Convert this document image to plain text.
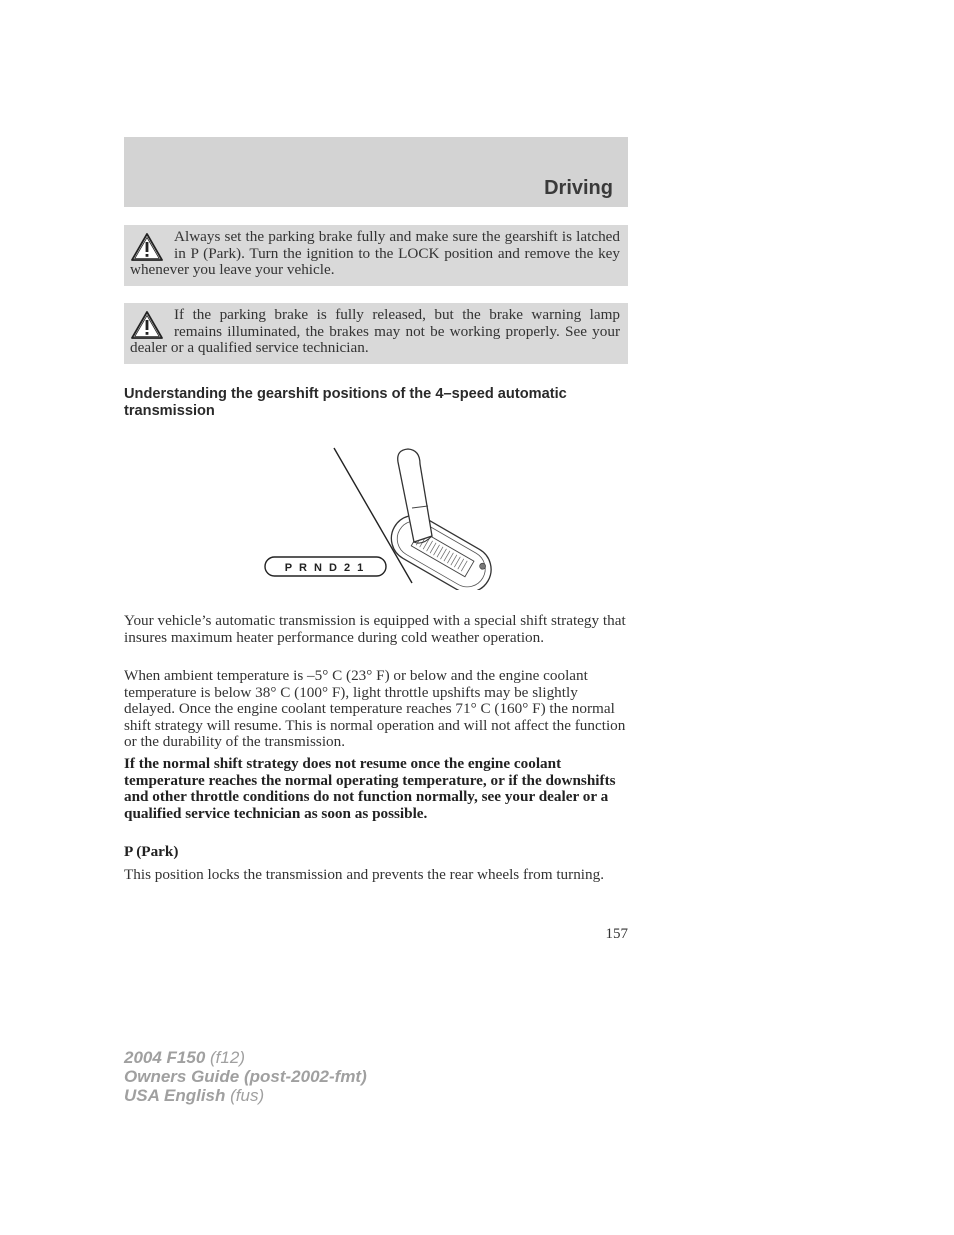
Driving
Always set the parking brake fully and make sure the gearshift is latched in P (Park). Turn the ignition to the LOCK position and remove the key whenever you leave your vehicle.
If the parking brake is fully released, but the brake warning lamp remains illuminated, the brakes may not be working properly. See your dealer or a qualified service technician.
Understanding the gearshift positions of the 4–speed automatic transmission
P R N D 2 1

Your vehicle’s automatic transmission is equipped with a special shift strategy that insures maximum heater performance during cold weather operation.

When ambient temperature is –5° C (23° F) or below and the engine coolant temperature is below 38° C (100° F), light throttle upshifts may be slightly delayed. Once the engine coolant temperature reaches 71° C (160° F) the normal shift strategy will resume. This is normal operation and will not affect the function or the durability of the transmission.

If the normal shift strategy does not resume once the engine coolant temperature reaches the normal operating temperature, or if the downshifts and other throttle conditions do not function normally, see your dealer or a qualified service technician as soon as possible.

P (Park)

This position locks the transmission and prevents the rear wheels from turning.

157
2004 F150 (f12)
Owners Guide (post-2002-fmt)
USA English (fus)
